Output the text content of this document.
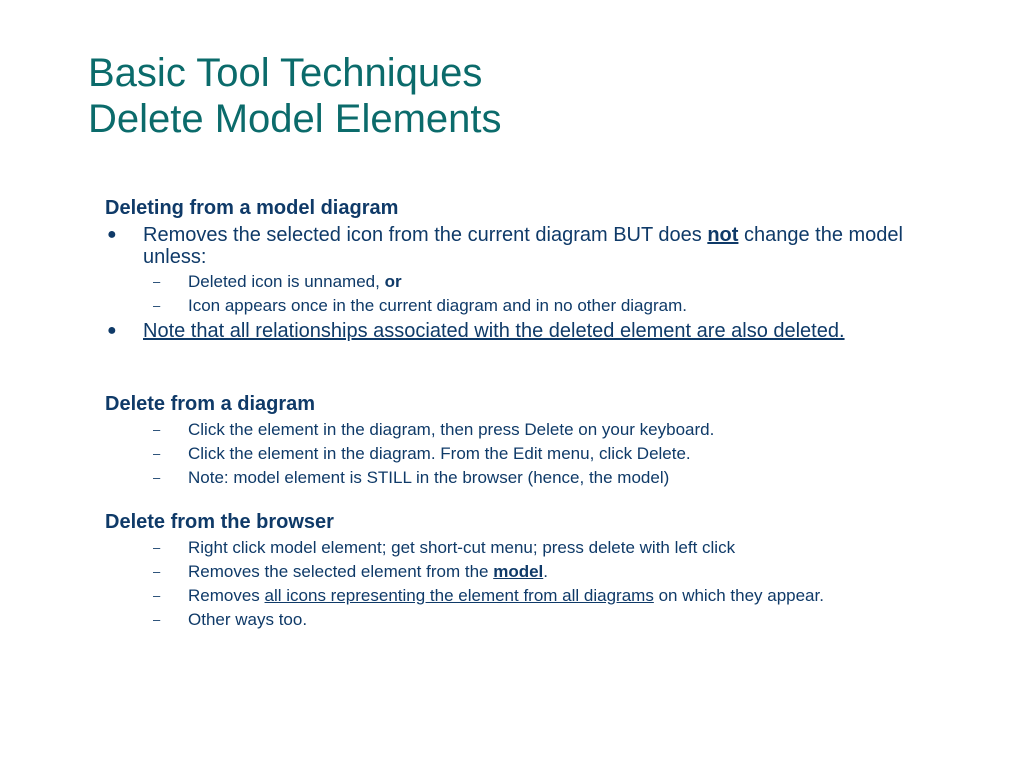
Basic Tool Techniques
Delete Model Elements

Deleting from a model diagram

● Removes the selected icon from the current diagram BUT does not change the model unless:
– Deleted icon is unnamed, or
– Icon appears once in the current diagram and in no other diagram.
● Note that all relationships associated with the deleted element are also deleted.

Delete from a diagram

– Click the element in the diagram, then press Delete on your keyboard.
– Click the element in the diagram. From the Edit menu, click Delete.
– Note: model element is STILL in the browser (hence, the model)

Delete from the browser

– Right click model element; get short-cut menu; press delete with left click
– Removes the selected element from the model.
– Removes all icons representing the element from all diagrams on which they appear.
– Other ways too.
